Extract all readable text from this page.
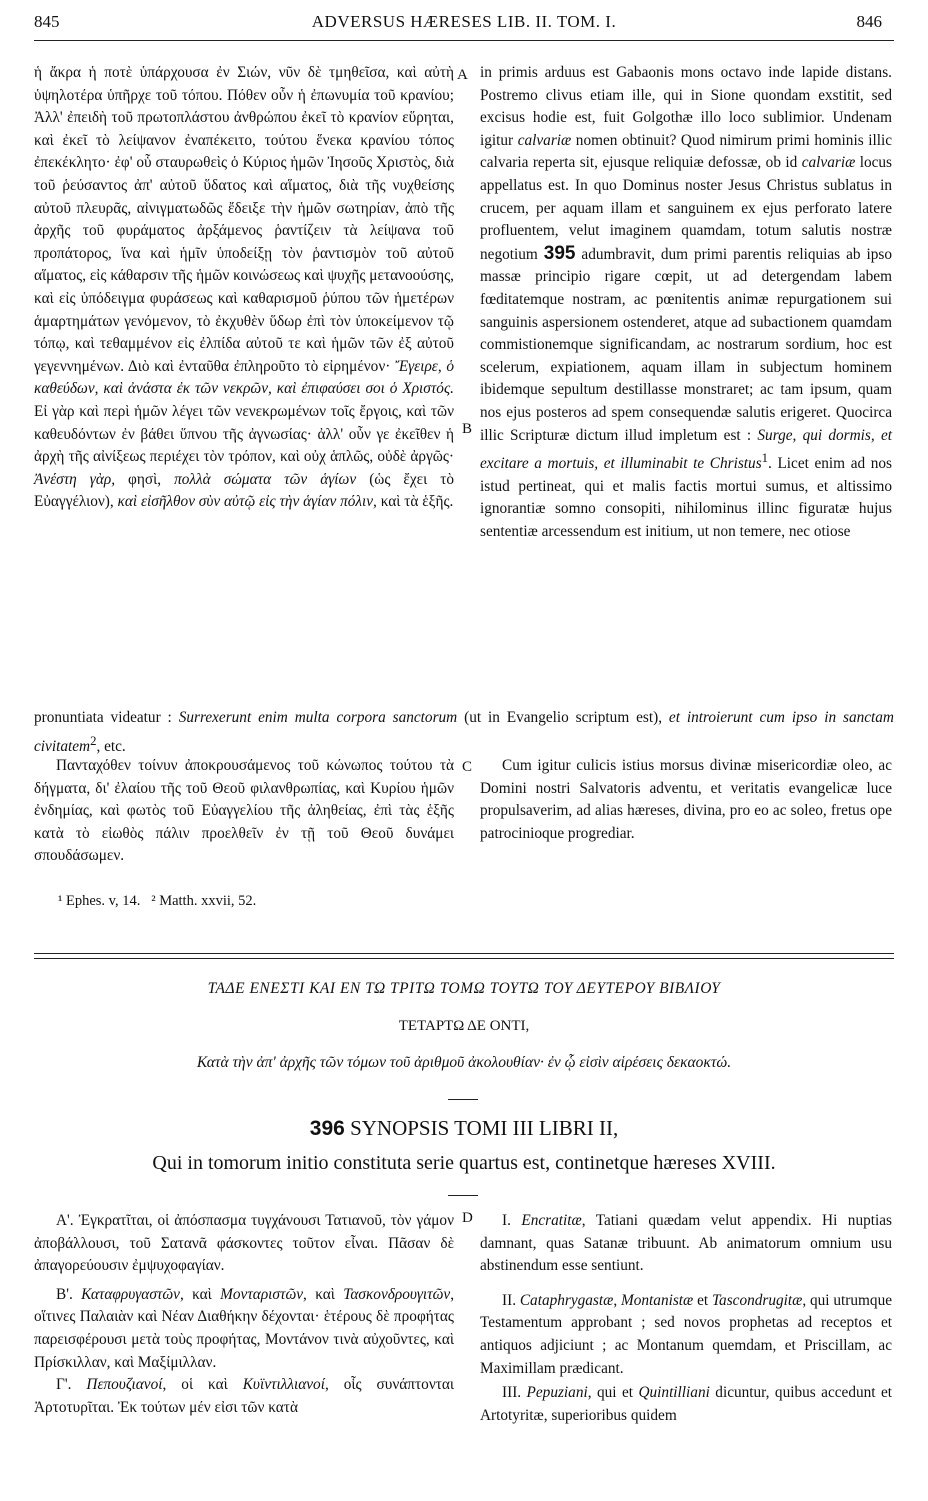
845	ADVERSUS HÆRESES LIB. II. TOM. I.	846
A
B
C
D

ἡ ἄκρα ἡ ποτὲ ὑπάρχουσα ἐν Σιών, νῦν δὲ τμηθεῖσα, καὶ αὐτὴ ὑψηλοτέρα ὑπῆρχε τοῦ τόπου. Πόθεν οὖν ἡ ἐπωνυμία τοῦ κρανίου; Ἀλλ' ἐπειδὴ τοῦ πρωτοπλάστου ἀνθρώπου ἐκεῖ τὸ κρανίον εὕρηται, καὶ ἐκεῖ τὸ λείψανον ἐναπέκειτο, τούτου ἕνεκα κρανίου τόπος ἐπεκέκλητο· ἐφ' οὗ σταυρωθεὶς ὁ Κύριος ἡμῶν Ἰησοῦς Χριστὸς, διὰ τοῦ ῥεύσαντος ἀπ' αὐτοῦ ὕδατος καὶ αἵματος, διὰ τῆς νυχθείσης αὐτοῦ πλευρᾶς, αἰνιγματωδῶς ἔδειξε τὴν ἡμῶν σωτηρίαν, ἀπὸ τῆς ἀρχῆς τοῦ φυράματος ἀρξάμενος ῥαντίζειν τὰ λείψανα τοῦ προπάτορος, ἵνα καὶ ἡμῖν ὑποδείξῃ τὸν ῥαντισμὸν τοῦ αὐτοῦ αἵματος, εἰς κάθαρσιν τῆς ἡμῶν κοινώσεως καὶ ψυχῆς μετανοούσης, καὶ εἰς ὑπόδειγμα φυράσεως καὶ καθαρισμοῦ ῥύπου τῶν ἡμετέρων ἁμαρτημάτων γενόμενον, τὸ ἐκχυθὲν ὕδωρ ἐπὶ τὸν ὑποκείμενον τῷ τόπῳ, καὶ τεθαμμένον εἰς ἐλπίδα αὐτοῦ τε καὶ ἡμῶν τῶν ἐξ αὐτοῦ γεγεννημένων. Διὸ καὶ ἐνταῦθα ἐπληροῦτο τὸ εἰρημένον· Ἔγειρε, ὁ καθεύδων, καὶ ἀνάστα ἐκ τῶν νεκρῶν, καὶ ἐπιφαύσει σοι ὁ Χριστός. Εἰ γὰρ καὶ περὶ ἡμῶν λέγει τῶν νενεκρωμένων τοῖς ἔργοις, καὶ τῶν καθευδόντων ἐν βάθει ὕπνου τῆς ἀγνωσίας· ἀλλ' οὖν γε ἐκεῖθεν ἡ ἀρχὴ τῆς αἰνίξεως περιέχει τὸν τρόπον, καὶ οὐχ ἁπλῶς, οὐδὲ ἀργῶς· Ἀνέστη γὰρ, φησὶ, πολλὰ σώματα τῶν ἁγίων (ὡς ἔχει τὸ Εὐαγγέλιον), καὶ εἰσῆλθον σὺν αὐτῷ εἰς τὴν ἁγίαν πόλιν, καὶ τὰ ἑξῆς.

in primis arduus est Gabaonis mons octavo inde lapide distans. Postremo clivus etiam ille, qui in Sione quondam exstitit, sed excisus hodie est, fuit Golgothæ illo loco sublimior. Undenam igitur calvariæ nomen obtinuit? Quod nimirum primi hominis illic calvaria reperta sit, ejusque reliquiæ defossæ, ob id calvariæ locus appellatus est. In quo Dominus noster Jesus Christus sublatus in crucem, per aquam illam et sanguinem ex ejus perforato latere profluentem, velut imaginem quamdam, totum salutis nostræ negotium 395 adumbravit, dum primi parentis reliquias ab ipso massæ principio rigare cœpit, ut ad detergendam labem fœditatemque nostram, ac pœnitentis animæ repurgationem sui sanguinis aspersionem ostenderet, atque ad subactionem quamdam commistionemque significandam, ac nostrarum sordium, hoc est scelerum, expiationem, aquam illam in subjectum hominem ibidemque sepultum destillasse monstraret; ac tam ipsum, quam nos ejus posteros ad spem consequendæ salutis erigeret. Quocirca illic Scripturæ dictum illud impletum est : Surge, qui dormis, et excitare a mortuis, et illuminabit te Christus$^1$. Licet enim ad nos istud pertineat, qui et malis factis mortui sumus, et altissimo ignorantiæ somno consopiti, nihilominus illinc figuratæ hujus sententiæ arcessendum est initium, ut non temere, nec otiose

pronuntiata videatur : Surrexerunt enim multa corpora sanctorum (ut in Evangelio scriptum est), et introierunt cum ipso in sanctam civitatem$^2$, etc.

Πανταχόθεν τοίνυν ἀποκρουσάμενος τοῦ κώνωπος τούτου τὰ δήγματα, δι' ἐλαίου τῆς τοῦ Θεοῦ φιλανθρωπίας, καὶ Κυρίου ἡμῶν ἐνδημίας, καὶ φωτὸς τοῦ Εὐαγγελίου τῆς ἀληθείας, ἐπὶ τὰς ἑξῆς κατὰ τὸ εἰωθὸς πάλιν προελθεῖν ἐν τῇ τοῦ Θεοῦ δυνάμει σπουδάσωμεν.

Cum igitur culicis istius morsus divinæ misericordiæ oleo, ac Domini nostri Salvatoris adventu, et veritatis evangelicæ luce propulsaverim, ad alias hæreses, divina, pro eo ac soleo, fretus ope patrocinioque progrediar.

¹ Ephes. v, 14.   ² Matth. xxvii, 52.
ΤΑΔΕ ΕΝΕΣΤΙ ΚΑΙ ΕΝ ΤΩ ΤΡΙΤΩ ΤΟΜΩ ΤΟΥΤΩ ΤΟΥ ΔΕΥΤΕΡΟΥ ΒΙΒΛΙΟΥ
ΤΕΤΑΡΤΩ ΔΕ ΟΝΤΙ,
Κατὰ τὴν ἀπ' ἀρχῆς τῶν τόμων τοῦ ἀριθμοῦ ἀκολουθίαν· ἐν ᾧ εἰσὶν αἱρέσεις δεκαοκτώ.
396 SYNOPSIS TOMI III LIBRI II,
Qui in tomorum initio constituta serie quartus est, continetque hæreses XVIII.

Α'. Ἐγκρατῖται, οἱ ἀπόσπασμα τυγχάνουσι Τατιανοῦ, τὸν γάμον ἀποβάλλουσι, τοῦ Σατανᾶ φάσκοντες τοῦτον εἶναι. Πᾶσαν δὲ ἀπαγορεύουσιν ἐμψυχοφαγίαν.

Β'. Καταφρυγαστῶν, καὶ Μονταριστῶν, καὶ Τασκονδρουγιτῶν, οἵτινες Παλαιὰν καὶ Νέαν Διαθήκην δέχονται· ἑτέρους δὲ προφήτας παρεισφέρουσι μετὰ τοὺς προφήτας, Μοντάνον τινὰ αὐχοῦντες, καὶ Πρίσκιλλαν, καὶ Μαξίμιλλαν.

Γ'. Πεπουζιανοί, οἱ καὶ Κυϊντιλλιανοί, οἷς συνάπτονται Ἀρτοτυρῖται. Ἐκ τούτων μέν εἰσι τῶν κατὰ

I. Encratitæ, Tatiani quædam velut appendix. Hi nuptias damnant, quas Satanæ tribuunt. Ab animatorum omnium usu abstinendum esse sentiunt.

II. Cataphrygastæ, Montanistæ et Tascondrugitæ, qui utrumque Testamentum approbant ; sed novos prophetas ad receptos et antiquos adjiciunt ; ac Montanum quemdam, et Priscillam, ac Maximillam prædicant.

III. Pepuziani, qui et Quintilliani dicuntur, quibus accedunt et Artotyritæ, superioribus quidem
